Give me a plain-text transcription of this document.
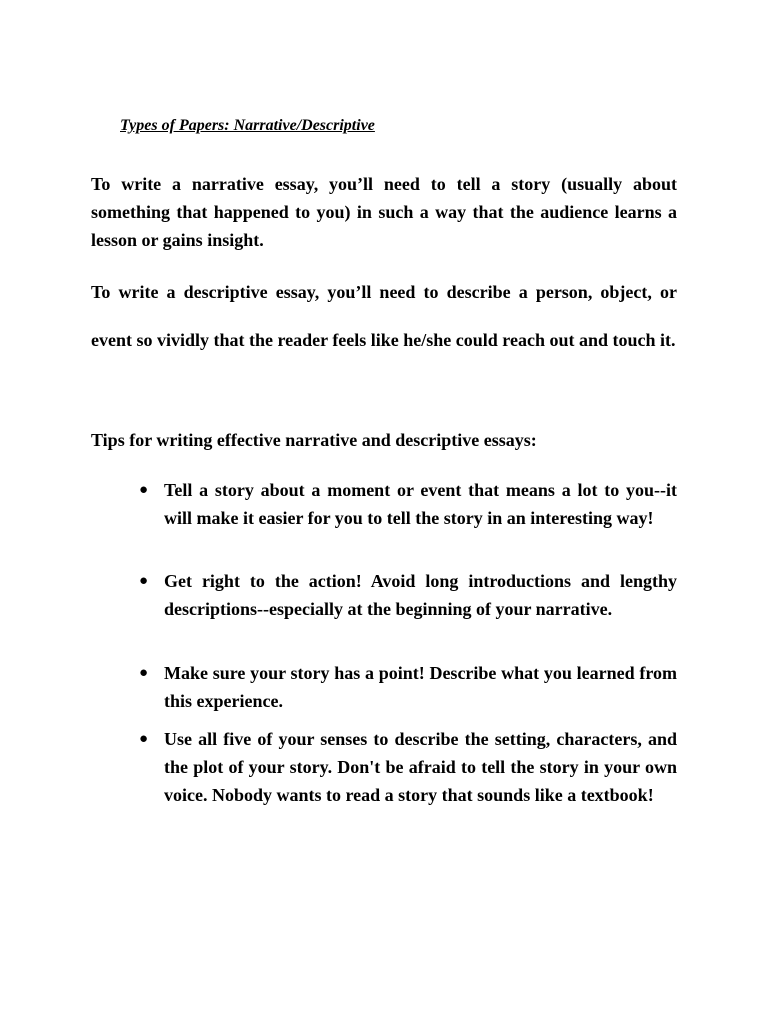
Types of Papers: Narrative/Descriptive

To write a narrative essay, you’ll need to tell a story (usually about something that happened to you) in such a way that the audience learns a lesson or gains insight.

To write a descriptive essay, you’ll need to describe a person, object, or event so vividly that the reader feels like he/she could reach out and touch it.

Tips for writing effective narrative and descriptive essays:
● Tell a story about a moment or event that means a lot to you--it will make it easier for you to tell the story in an interesting way!
● Get right to the action! Avoid long introductions and lengthy descriptions--especially at the beginning of your narrative.
● Make sure your story has a point! Describe what you learned from this experience.
● Use all five of your senses to describe the setting, characters, and the plot of your story. Don't be afraid to tell the story in your own voice. Nobody wants to read a story that sounds like a textbook!
